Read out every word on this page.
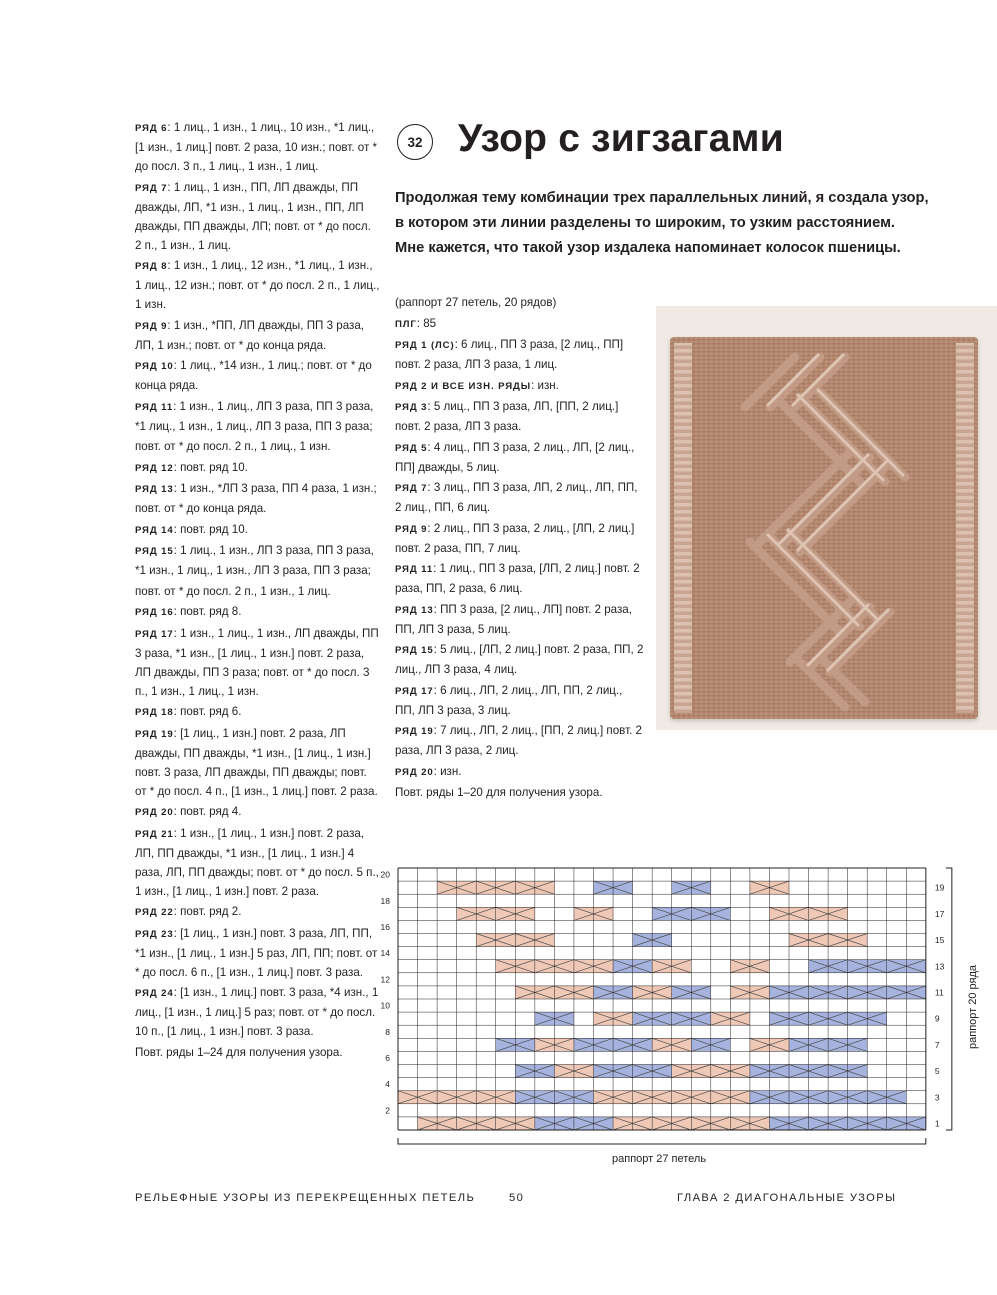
РЯД 6: 1 лиц., 1 изн., 1 лиц., 10 изн., *1 лиц., [1 изн., 1 лиц.] повт. 2 раза, 10 изн.; повт. от * до посл. 3 п., 1 лиц., 1 изн., 1 лиц.

РЯД 7: 1 лиц., 1 изн., ПП, ЛП дважды, ПП дважды, ЛП, *1 изн., 1 лиц., 1 изн., ПП, ЛП дважды, ПП дважды, ЛП; повт. от * до посл. 2 п., 1 изн., 1 лиц.

РЯД 8: 1 изн., 1 лиц., 12 изн., *1 лиц., 1 изн., 1 лиц., 12 изн.; повт. от * до посл. 2 п., 1 лиц., 1 изн.

РЯД 9: 1 изн., *ПП, ЛП дважды, ПП 3 раза, ЛП, 1 изн.; повт. от * до конца ряда.

РЯД 10: 1 лиц., *14 изн., 1 лиц.; повт. от * до конца ряда.

РЯД 11: 1 изн., 1 лиц., ЛП 3 раза, ПП 3 раза, *1 лиц., 1 изн., 1 лиц., ЛП 3 раза, ПП 3 раза;

повт. от * до посл. 2 п., 1 лиц., 1 изн.

РЯД 12: повт. ряд 10.

РЯД 13: 1 изн., *ЛП 3 раза, ПП 4 раза, 1 изн.; повт. от * до конца ряда.

РЯД 14: повт. ряд 10.

РЯД 15: 1 лиц., 1 изн., ЛП 3 раза, ПП 3 раза, *1 изн., 1 лиц., 1 изн., ЛП 3 раза, ПП 3 раза;

повт. от * до посл. 2 п., 1 изн., 1 лиц.

РЯД 16: повт. ряд 8.

РЯД 17: 1 изн., 1 лиц., 1 изн., ЛП дважды, ПП 3 раза, *1 изн., [1 лиц., 1 изн.] повт. 2 раза, ЛП дважды, ПП 3 раза; повт. от * до посл. 3 п., 1 изн., 1 лиц., 1 изн.

РЯД 18: повт. ряд 6.

РЯД 19: [1 лиц., 1 изн.] повт. 2 раза, ЛП дважды, ПП дважды, *1 изн., [1 лиц., 1 изн.] повт. 3 раза, ЛП дважды, ПП дважды; повт. от * до посл. 4 п., [1 изн., 1 лиц.] повт. 2 раза.

РЯД 20: повт. ряд 4.

РЯД 21: 1 изн., [1 лиц., 1 изн.] повт. 2 раза, ЛП, ПП дважды, *1 изн., [1 лиц., 1 изн.] 4 раза, ЛП, ПП дважды; повт. от * до посл. 5 п., 1 изн., [1 лиц., 1 изн.] повт. 2 раза.

РЯД 22: повт. ряд 2.

РЯД 23: [1 лиц., 1 изн.] повт. 3 раза, ЛП, ПП, *1 изн., [1 лиц., 1 изн.] 5 раз, ЛП, ПП; повт. от * до посл. 6 п., [1 изн., 1 лиц.] повт. 3 раза.

РЯД 24: [1 изн., 1 лиц.] повт. 3 раза, *4 изн., 1 лиц., [1 изн., 1 лиц.] 5 раз; повт. от * до посл. 10 п., [1 лиц., 1 изн.] повт. 3 раза.

Повт. ряды 1–24 для получения узора.

32 Узор с зигзагами

Продолжая тему комбинации трех параллельных линий, я создала узор,

в котором эти линии разделены то широким, то узким расстоянием.

Мне кажется, что такой узор издалека напоминает колосок пшеницы.

(раппорт 27 петель, 20 рядов)

ПЛГ: 85

РЯД 1 (ЛС): 6 лиц., ПП 3 раза, [2 лиц., ПП] повт. 2 раза, ЛП 3 раза, 1 лиц.

РЯД 2 И ВСЕ ИЗН. РЯДЫ: изн.

РЯД 3: 5 лиц., ПП 3 раза, ЛП, [ПП, 2 лиц.] повт. 2 раза, ЛП 3 раза.

РЯД 5: 4 лиц., ПП 3 раза, 2 лиц., ЛП, [2 лиц., ПП] дважды, 5 лиц.

РЯД 7: 3 лиц., ПП 3 раза, ЛП, 2 лиц., ЛП, ПП, 2 лиц., ПП, 6 лиц.

РЯД 9: 2 лиц., ПП 3 раза, 2 лиц., [ЛП, 2 лиц.] повт. 2 раза, ПП, 7 лиц.

РЯД 11: 1 лиц., ПП 3 раза, [ЛП, 2 лиц.] повт. 2 раза, ПП, 2 раза, 6 лиц.

РЯД 13: ПП 3 раза, [2 лиц., ЛП] повт. 2 раза, ПП, ЛП 3 раза, 5 лиц.

РЯД 15: 5 лиц., [ЛП, 2 лиц.] повт. 2 раза, ПП, 2 лиц., ЛП 3 раза, 4 лиц.

РЯД 17: 6 лиц., ЛП, 2 лиц., ЛП, ПП, 2 лиц., ПП, ЛП 3 раза, 3 лиц.

РЯД 19: 7 лиц., ЛП, 2 лиц., [ПП, 2 лиц.] повт. 2 раза, ЛП 3 раза, 2 лиц.

РЯД 20: изн.

Повт. ряды 1–20 для получения узора.

20
18
16
14
12
10
8
6
4
2
19
17
15
13
11
9
7
5
3
1
раппорт 20 ряда
раппорт 27 петель
РЕЛЬЕФНЫЕ УЗОРЫ ИЗ ПЕРЕКРЕЩЕННЫХ ПЕТЕЛЬ	50	ГЛАВА 2 ДИАГОНАЛЬНЫЕ УЗОРЫ
